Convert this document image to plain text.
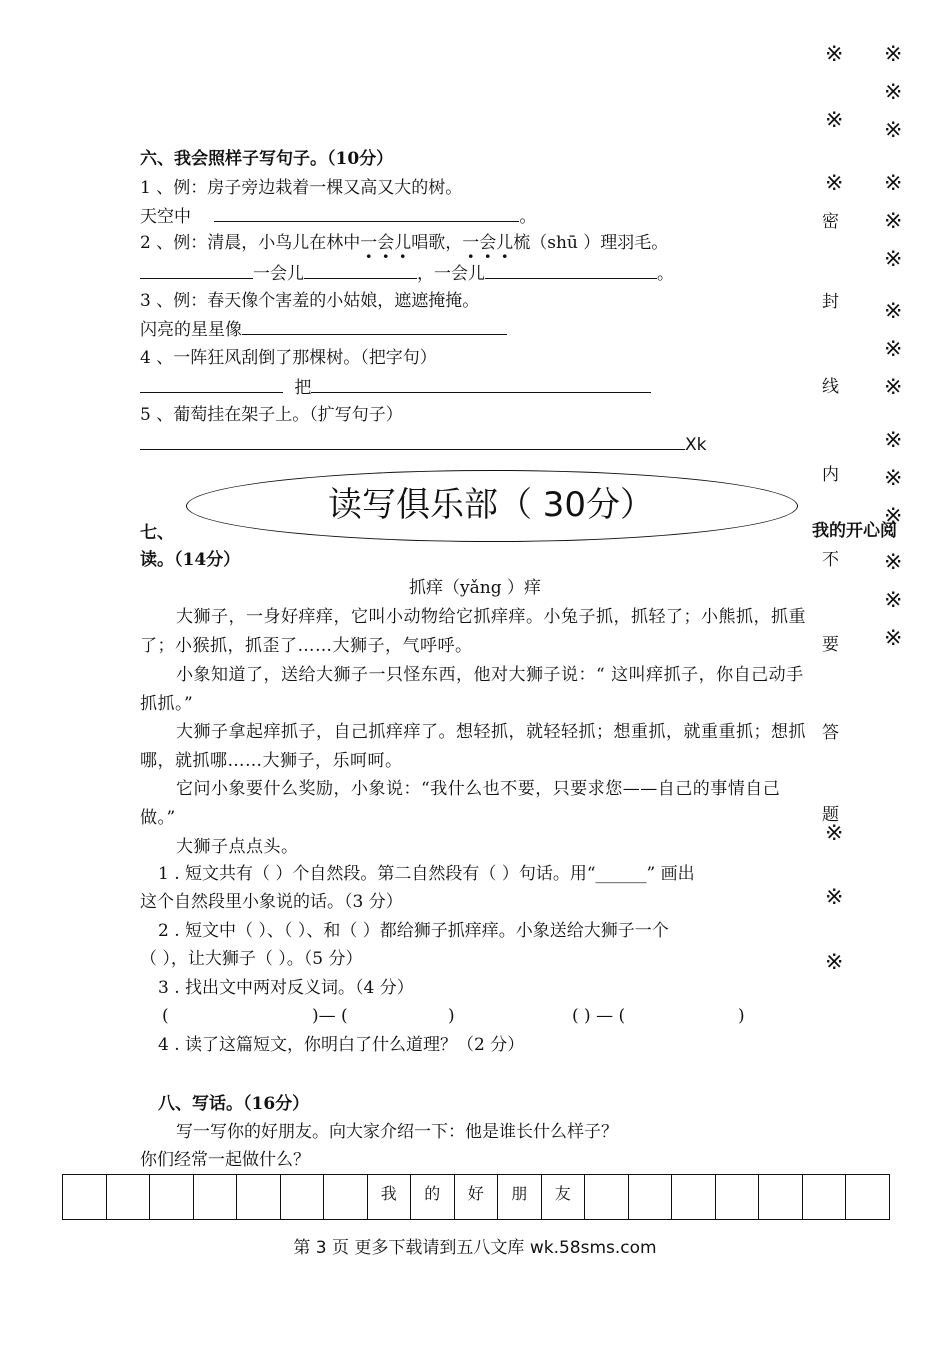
六、我会照样子写句子。（10分）
1 、例：房子旁边栽着一棵又高又大的树。
天空中	。
2 、例：清晨，小鸟儿在林中一会儿唱歌，一会儿梳（shū ）理羽毛。
一会儿	，一会儿	。
3 、例：春天像个害羞的小姑娘，遮遮掩掩。
闪亮的星星像
4 、一阵狂风刮倒了那棵树。（把字句）
把
5 、葡萄挂在架子上。（扩写句子）
Xk
读写俱乐部（ 30分）
七、	我的开心阅
读。（14分）
抓痒（yǎng ）痒
大狮子，一身好痒痒，它叫小动物给它抓痒痒。小兔子抓，抓轻了；小熊抓，抓重了；小猴抓，抓歪了……大狮子，气呼呼。
小象知道了，送给大狮子一只怪东西，他对大狮子说：“ 这叫痒抓子，你自己动手抓抓。”
大狮子拿起痒抓子，自己抓痒痒了。想轻抓，就轻轻抓；想重抓，就重重抓；想抓哪，就抓哪……大狮子，乐呵呵。
它问小象要什么奖励，小象说：“我什么也不要，只要求您——自己的事情自己做。”
大狮子点点头。
1 . 短文共有（ ）个自然段。第二自然段有（ ）句话。用“______” 画出
这个自然段里小象说的话。（3 分）
2 . 短文中（ ）、（ ）、和（ ）都给狮子抓痒痒。小象送给大狮子一个
（ ），让大狮子（ ）。（5 分）
3 . 找出文中两对反义词。（4 分）
(	)— (	)	( ) — (	)
4 . 读了这篇短文，你明白了什么道理？（2 分）
八、写话。（16分）
写一写你的好朋友。向大家介绍一下：他是谁长什么样子？
你们经常一起做什么？

我	的	好	朋	友

密
封
线
内
不
要
答
题
※
※
※
※
※
※
※
※
※
※
※
※
※
※
※
※
※
※
※
※
※
第 3 页 更多下载请到五八文库 wk.58sms.com
